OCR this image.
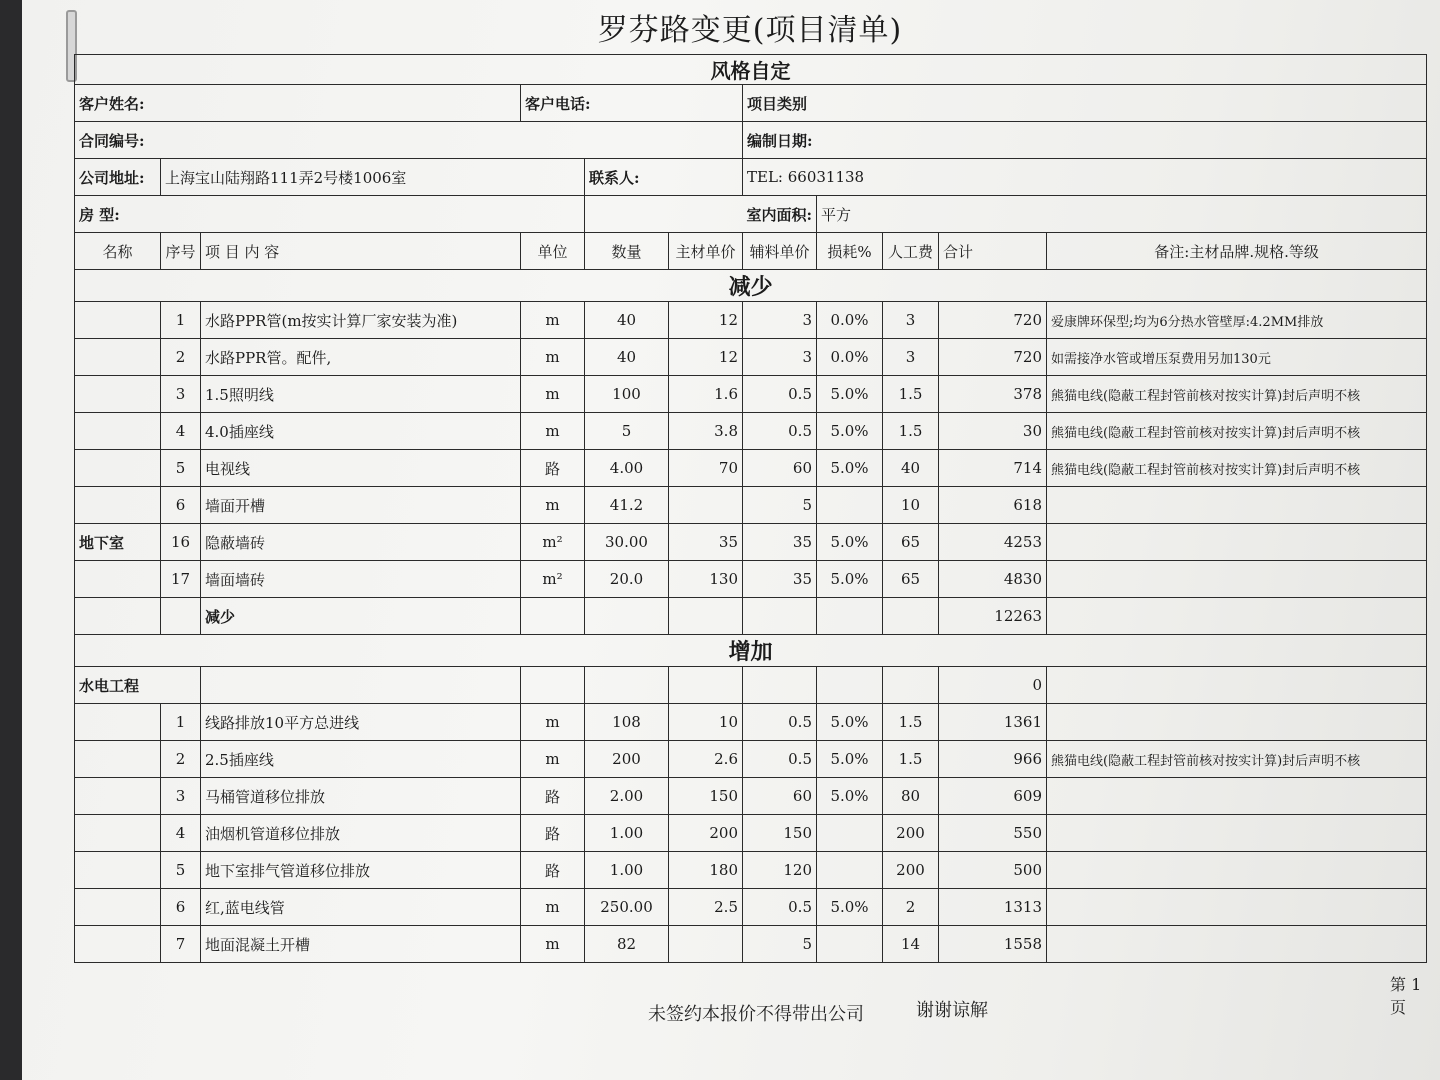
罗芬路变更(项目清单)
风格自定										
客户姓名:			客户电话:			项目类别				
合同编号:						编制日期:				
公司地址:	上海宝山陆翔路111弄2号楼1006室			联系人:		TEL: 66031138				
房 型:				室内面积:			平方			
名称	序号	项 目 内 容	单位	数量	主材单价	辅料单价	损耗%	人工费	合计	备注:主材品牌.规格.等级
减少										
	1	水路PPR管(m按实计算厂家安装为准)	m	40	12	3	0.0%	3	720	爱康牌环保型;均为6分热水管壁厚:4.2MM排放
	2	水路PPR管。配件,	m	40	12	3	0.0%	3	720	如需接净水管或增压泵费用另加130元
	3	1.5照明线	m	100	1.6	0.5	5.0%	1.5	378	熊猫电线(隐蔽工程封管前核对按实计算)封后声明不核
	4	4.0插座线	m	5	3.8	0.5	5.0%	1.5	30	熊猫电线(隐蔽工程封管前核对按实计算)封后声明不核
	5	电视线	路	4.00	70	60	5.0%	40	714	熊猫电线(隐蔽工程封管前核对按实计算)封后声明不核
	6	墙面开槽	m	41.2		5		10	618	
地下室	16	隐蔽墙砖	m²	30.00	35	35	5.0%	65	4253	
	17	墙面墙砖	m²	20.0	130	35	5.0%	65	4830	
		减少							12263	
增加										
水电工程									0	
	1	线路排放10平方总进线	m	108	10	0.5	5.0%	1.5	1361	
	2	2.5插座线	m	200	2.6	0.5	5.0%	1.5	966	熊猫电线(隐蔽工程封管前核对按实计算)封后声明不核
	3	马桶管道移位排放	路	2.00	150	60	5.0%	80	609	
	4	油烟机管道移位排放	路	1.00	200	150		200	550	
	5	地下室排气管道移位排放	路	1.00	180	120		200	500	
	6	红,蓝电线管	m	250.00	2.5	0.5	5.0%	2	1313	
	7	地面混凝土开槽	m	82		5		14	1558	
第 1 页
未签约本报价不得带出公司	谢谢谅解
